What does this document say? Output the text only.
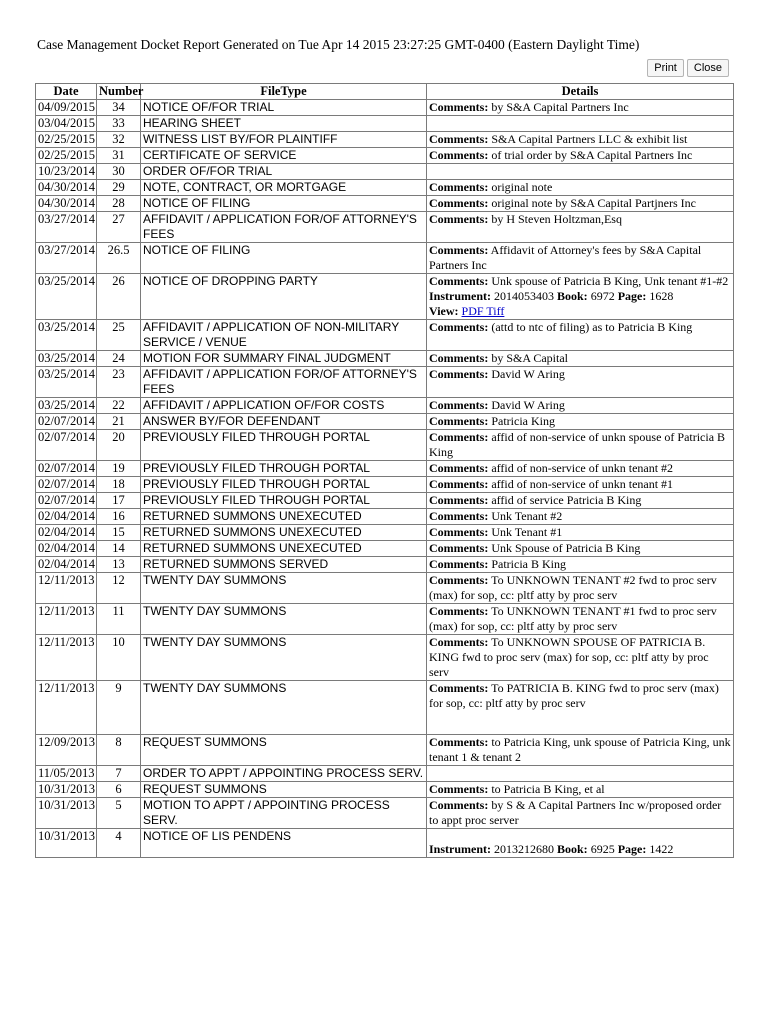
Case Management Docket Report Generated on Tue Apr 14 2015 23:27:25 GMT-0400 (Eastern Daylight Time)
Print	Close
Date	Number	FileType	Details
04/09/2015	34	NOTICE OF/FOR TRIAL	Comments: by S&A Capital Partners Inc

03/04/2015	33	HEARING SHEET	
02/25/2015	32	WITNESS LIST BY/FOR PLAINTIFF	Comments: S&A Capital Partners LLC & exhibit list

02/25/2015	31	CERTIFICATE OF SERVICE	Comments: of trial order by S&A Capital Partners Inc

10/23/2014	30	ORDER OF/FOR TRIAL	
04/30/2014	29	NOTE, CONTRACT, OR MORTGAGE	Comments: original note

04/30/2014	28	NOTICE OF FILING	Comments: original note by S&A Capital Partjners Inc

03/27/2014	27	AFFIDAVIT / APPLICATION FOR/OF ATTORNEY'S FEES	Comments: by H Steven Holtzman,Esq

03/27/2014	26.5	NOTICE OF FILING	Comments: Affidavit of Attorney's fees by S&A Capital Partners Inc

03/25/2014	26	NOTICE OF DROPPING PARTY	Comments: Unk spouse of Patricia B King, Unk tenant #1-#2
Instrument: 2014053403 Book: 6972 Page: 1628
View: PDF Tiff

03/25/2014	25	AFFIDAVIT / APPLICATION OF NON-MILITARY SERVICE / VENUE	Comments: (attd to ntc of filing) as to Patricia B King

03/25/2014	24	MOTION FOR SUMMARY FINAL JUDGMENT	Comments: by S&A Capital

03/25/2014	23	AFFIDAVIT / APPLICATION FOR/OF ATTORNEY'S FEES	Comments: David W Aring

03/25/2014	22	AFFIDAVIT / APPLICATION OF/FOR COSTS	Comments: David W Aring

02/07/2014	21	ANSWER BY/FOR DEFENDANT	Comments: Patricia King

02/07/2014	20	PREVIOUSLY FILED THROUGH PORTAL	Comments: affid of non-service of unkn spouse of Patricia B King

02/07/2014	19	PREVIOUSLY FILED THROUGH PORTAL	Comments: affid of non-service of unkn tenant #2

02/07/2014	18	PREVIOUSLY FILED THROUGH PORTAL	Comments: affid of non-service of unkn tenant #1

02/07/2014	17	PREVIOUSLY FILED THROUGH PORTAL	Comments: affid of service Patricia B King

02/04/2014	16	RETURNED SUMMONS UNEXECUTED	Comments: Unk Tenant #2

02/04/2014	15	RETURNED SUMMONS UNEXECUTED	Comments: Unk Tenant #1

02/04/2014	14	RETURNED SUMMONS UNEXECUTED	Comments: Unk Spouse of Patricia B King

02/04/2014	13	RETURNED SUMMONS SERVED	Comments: Patricia B King

12/11/2013	12	TWENTY DAY SUMMONS	Comments: To UNKNOWN TENANT #2 fwd to proc serv (max) for sop, cc: pltf atty by proc serv

12/11/2013	11	TWENTY DAY SUMMONS	Comments: To UNKNOWN TENANT #1 fwd to proc serv (max) for sop, cc: pltf atty by proc serv

12/11/2013	10	TWENTY DAY SUMMONS	Comments: To UNKNOWN SPOUSE OF PATRICIA B. KING fwd to proc serv (max) for sop, cc: pltf atty by proc serv

12/11/2013	9	TWENTY DAY SUMMONS	Comments: To PATRICIA B. KING fwd to proc serv (max) for sop, cc: pltf atty by proc serv

12/09/2013	8	REQUEST SUMMONS	Comments: to Patricia King, unk spouse of Patricia King, unk tenant 1 & tenant 2

11/05/2013	7	ORDER TO APPT / APPOINTING PROCESS SERV.	
10/31/2013	6	REQUEST SUMMONS	Comments: to Patricia B King, et al

10/31/2013	5	MOTION TO APPT / APPOINTING PROCESS SERV.	Comments: by S & A Capital Partners Inc w/proposed order to appt proc server

10/31/2013	4	NOTICE OF LIS PENDENS	Instrument: 2013212680 Book: 6925 Page: 1422
